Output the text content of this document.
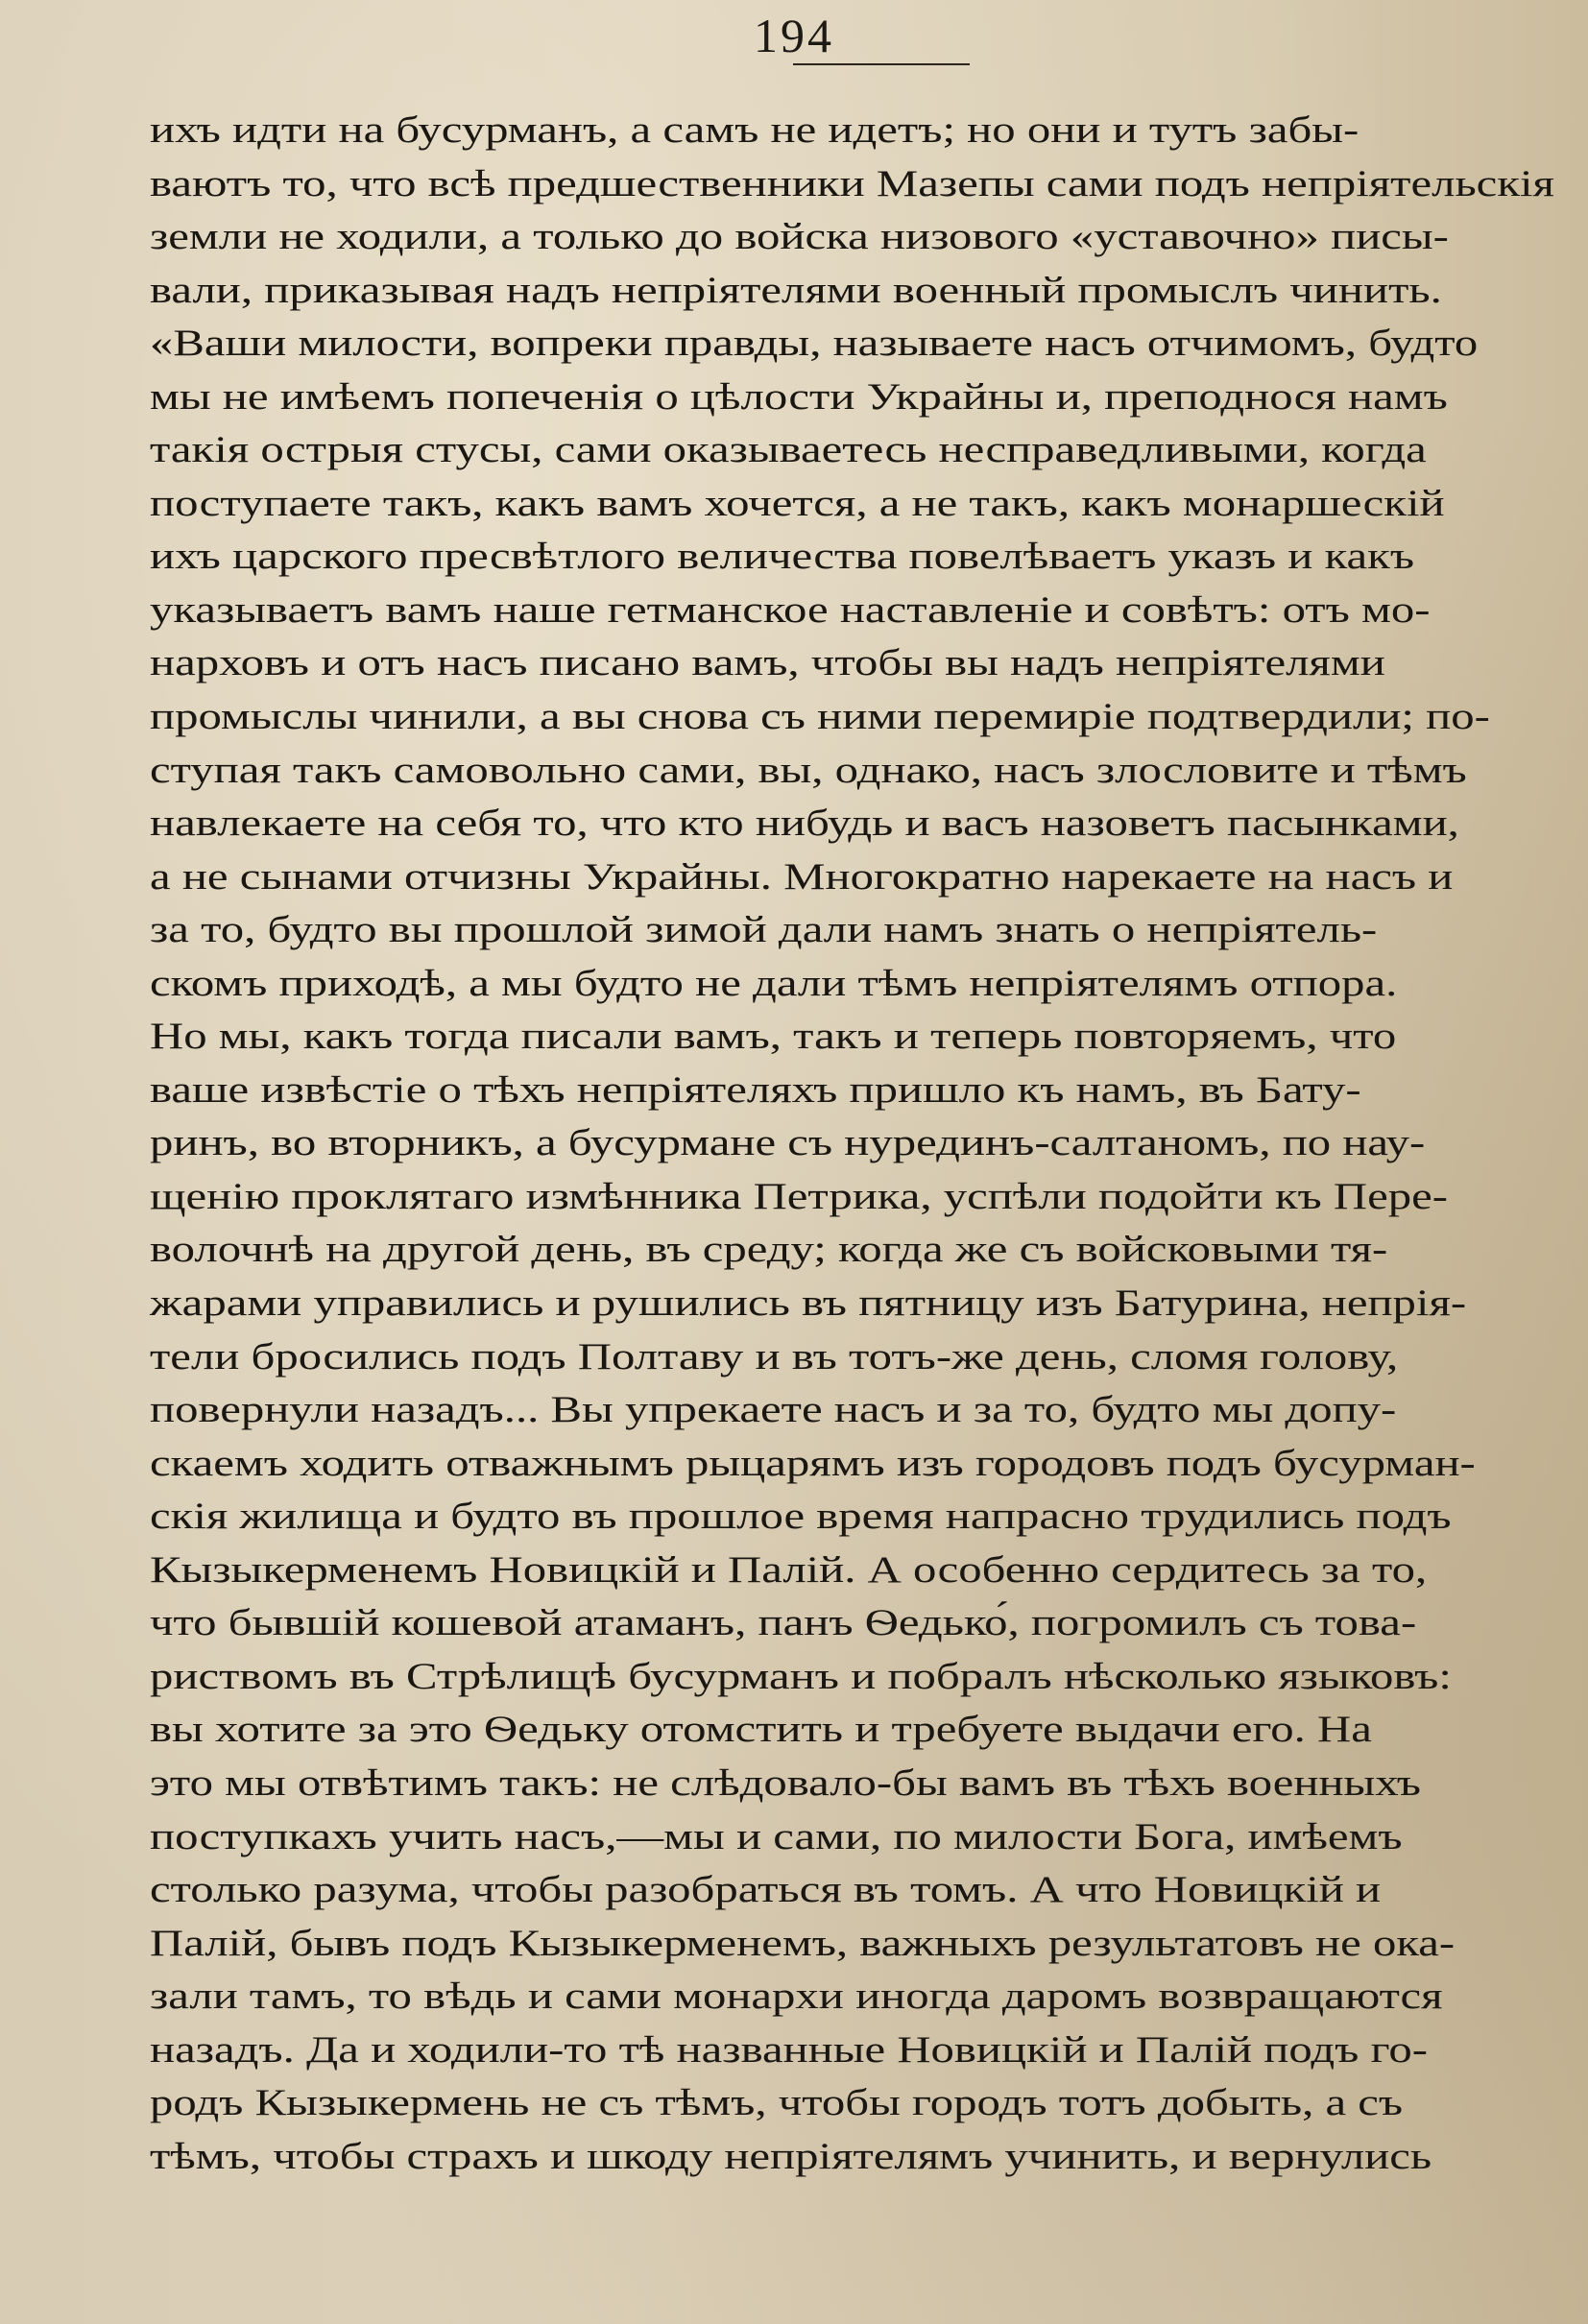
194
ихъ идти на бусурманъ, а самъ не идетъ; но они и тутъ забы-
ваютъ то, что всѣ предшественники Мазепы сами подъ непріятельскія
земли не ходили, а только до войска низового «уставочно» писы-
вали, приказывая надъ непріятелями военный промыслъ чинить.
«Ваши милости, вопреки правды, называете насъ отчимомъ, будто
мы не имѣемъ попеченія о цѣлости Украйны и, преподнося намъ
такія острыя стусы, сами оказываетесь несправедливыми, когда
поступаете такъ, какъ вамъ хочется, а не такъ, какъ монаршескій
ихъ царского пресвѣтлого величества повелѣваетъ указъ и какъ
указываетъ вамъ наше гетманское наставленіе и совѣтъ: отъ мо-
нарховъ и отъ насъ писано вамъ, чтобы вы надъ непріятелями
промыслы чинили, а вы снова съ ними перемиріе подтвердили; по-
ступая такъ самовольно сами, вы, однако, насъ злословите и тѣмъ
навлекаете на себя то, что кто нибудь и васъ назоветъ пасынками,
а не сынами отчизны Украйны. Многократно нарекаете на насъ и
за то, будто вы прошлой зимой дали намъ знать о непріятель-
скомъ приходѣ, а мы будто не дали тѣмъ непріятелямъ отпора.
Но мы, какъ тогда писали вамъ, такъ и теперь повторяемъ, что
ваше извѣстіе о тѣхъ непріятеляхъ пришло къ намъ, въ Бату-
ринъ, во вторникъ, а бусурмане съ нурединъ-салтаномъ, по нау-
щенію проклятаго измѣнника Петрика, успѣли подойти къ Пере-
волочнѣ на другой день, въ среду; когда же съ войсковыми тя-
жарами управились и рушились въ пятницу изъ Батурина, непрія-
тели бросились подъ Полтаву и въ тотъ-же день, сломя голову,
повернули назадъ... Вы упрекаете насъ и за то, будто мы допу-
скаемъ ходить отважнымъ рыцарямъ изъ городовъ подъ бусурман-
скія жилища и будто въ прошлое время напрасно трудились подъ
Кызыкерменемъ Новицкій и Палій. А особенно сердитесь за то,
что бывшій кошевой атаманъ, панъ Ѳедько́, погромилъ съ това-
риствомъ въ Стрѣлищѣ бусурманъ и побралъ нѣсколько языковъ:
вы хотите за это Ѳедьку отомстить и требуете выдачи его. На
это мы отвѣтимъ такъ: не слѣдовало-бы вамъ въ тѣхъ военныхъ
поступкахъ учить насъ,—мы и сами, по милости Бога, имѣемъ
столько разума, чтобы разобраться въ томъ. А что Новицкій и
Палій, бывъ подъ Кызыкерменемъ, важныхъ результатовъ не ока-
зали тамъ, то вѣдь и сами монархи иногда даромъ возвращаются
назадъ. Да и ходили-то тѣ названные Новицкій и Палій подъ го-
родъ Кызыкермень не съ тѣмъ, чтобы городъ тотъ добыть, а съ
тѣмъ, чтобы страхъ и шкоду непріятелямъ учинить, и вернулись
